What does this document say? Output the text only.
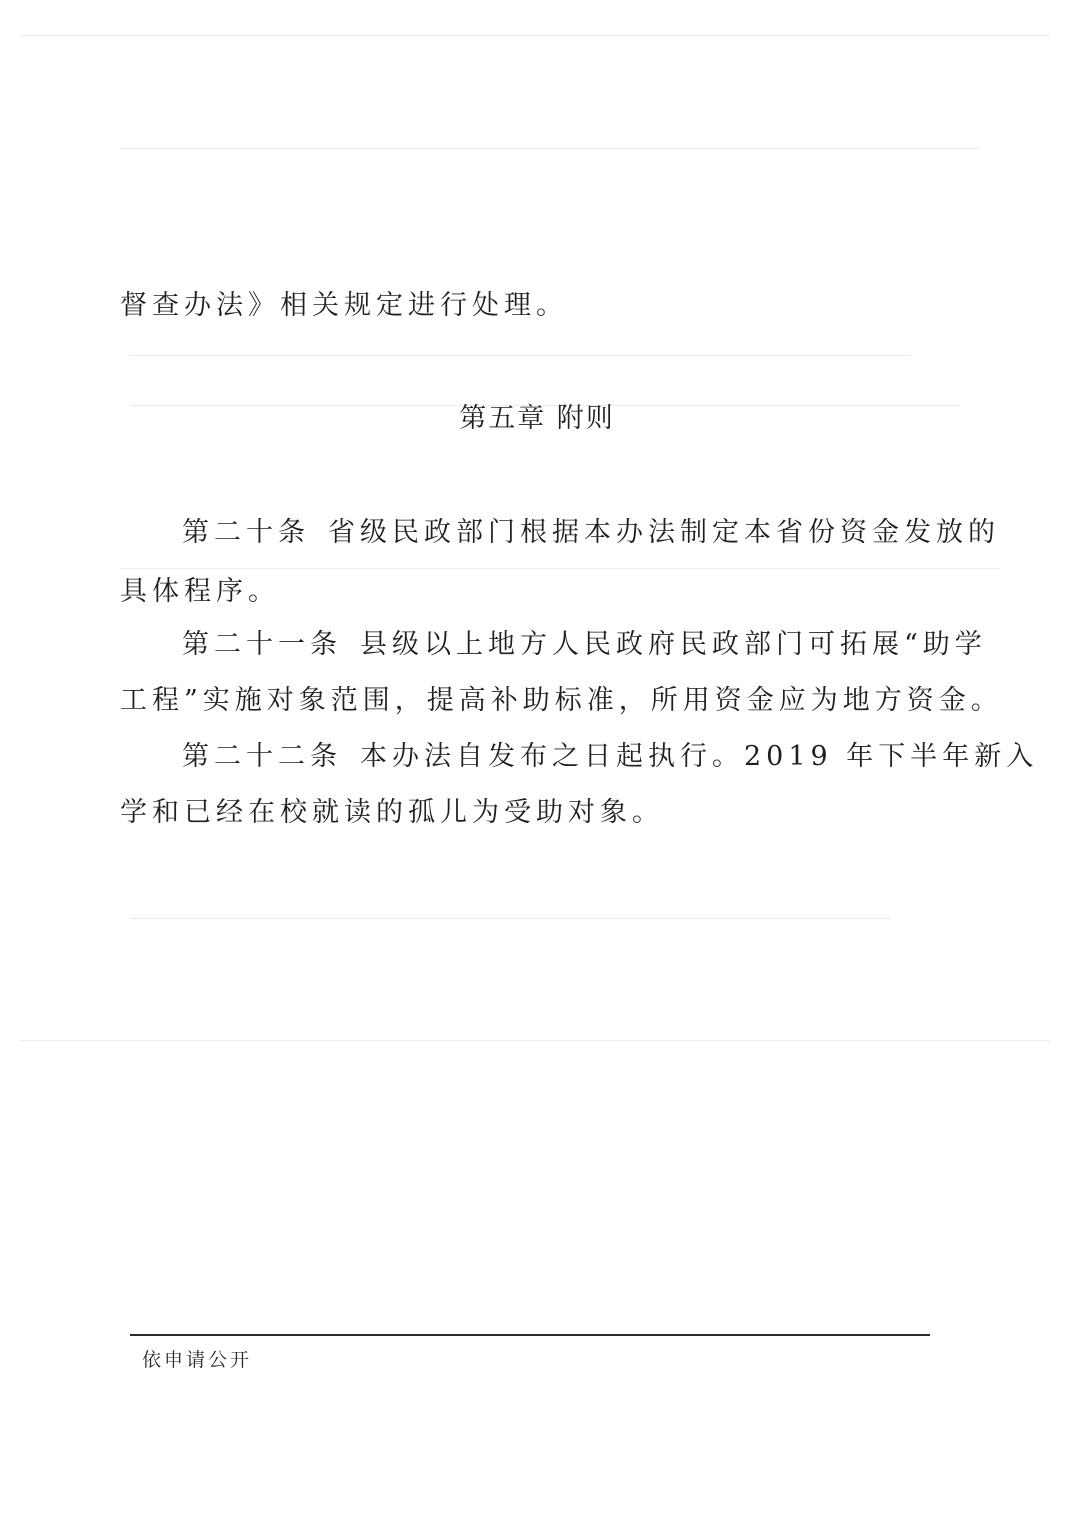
督查办法》相关规定进行处理。
第五章 附则
第二十条 省级民政部门根据本办法制定本省份资金发放的
具体程序。
第二十一条 县级以上地方人民政府民政部门可拓展“助学
工程”实施对象范围，提高补助标准，所用资金应为地方资金。
第二十二条 本办法自发布之日起执行。2019 年下半年新入
学和已经在校就读的孤儿为受助对象。
依申请公开
